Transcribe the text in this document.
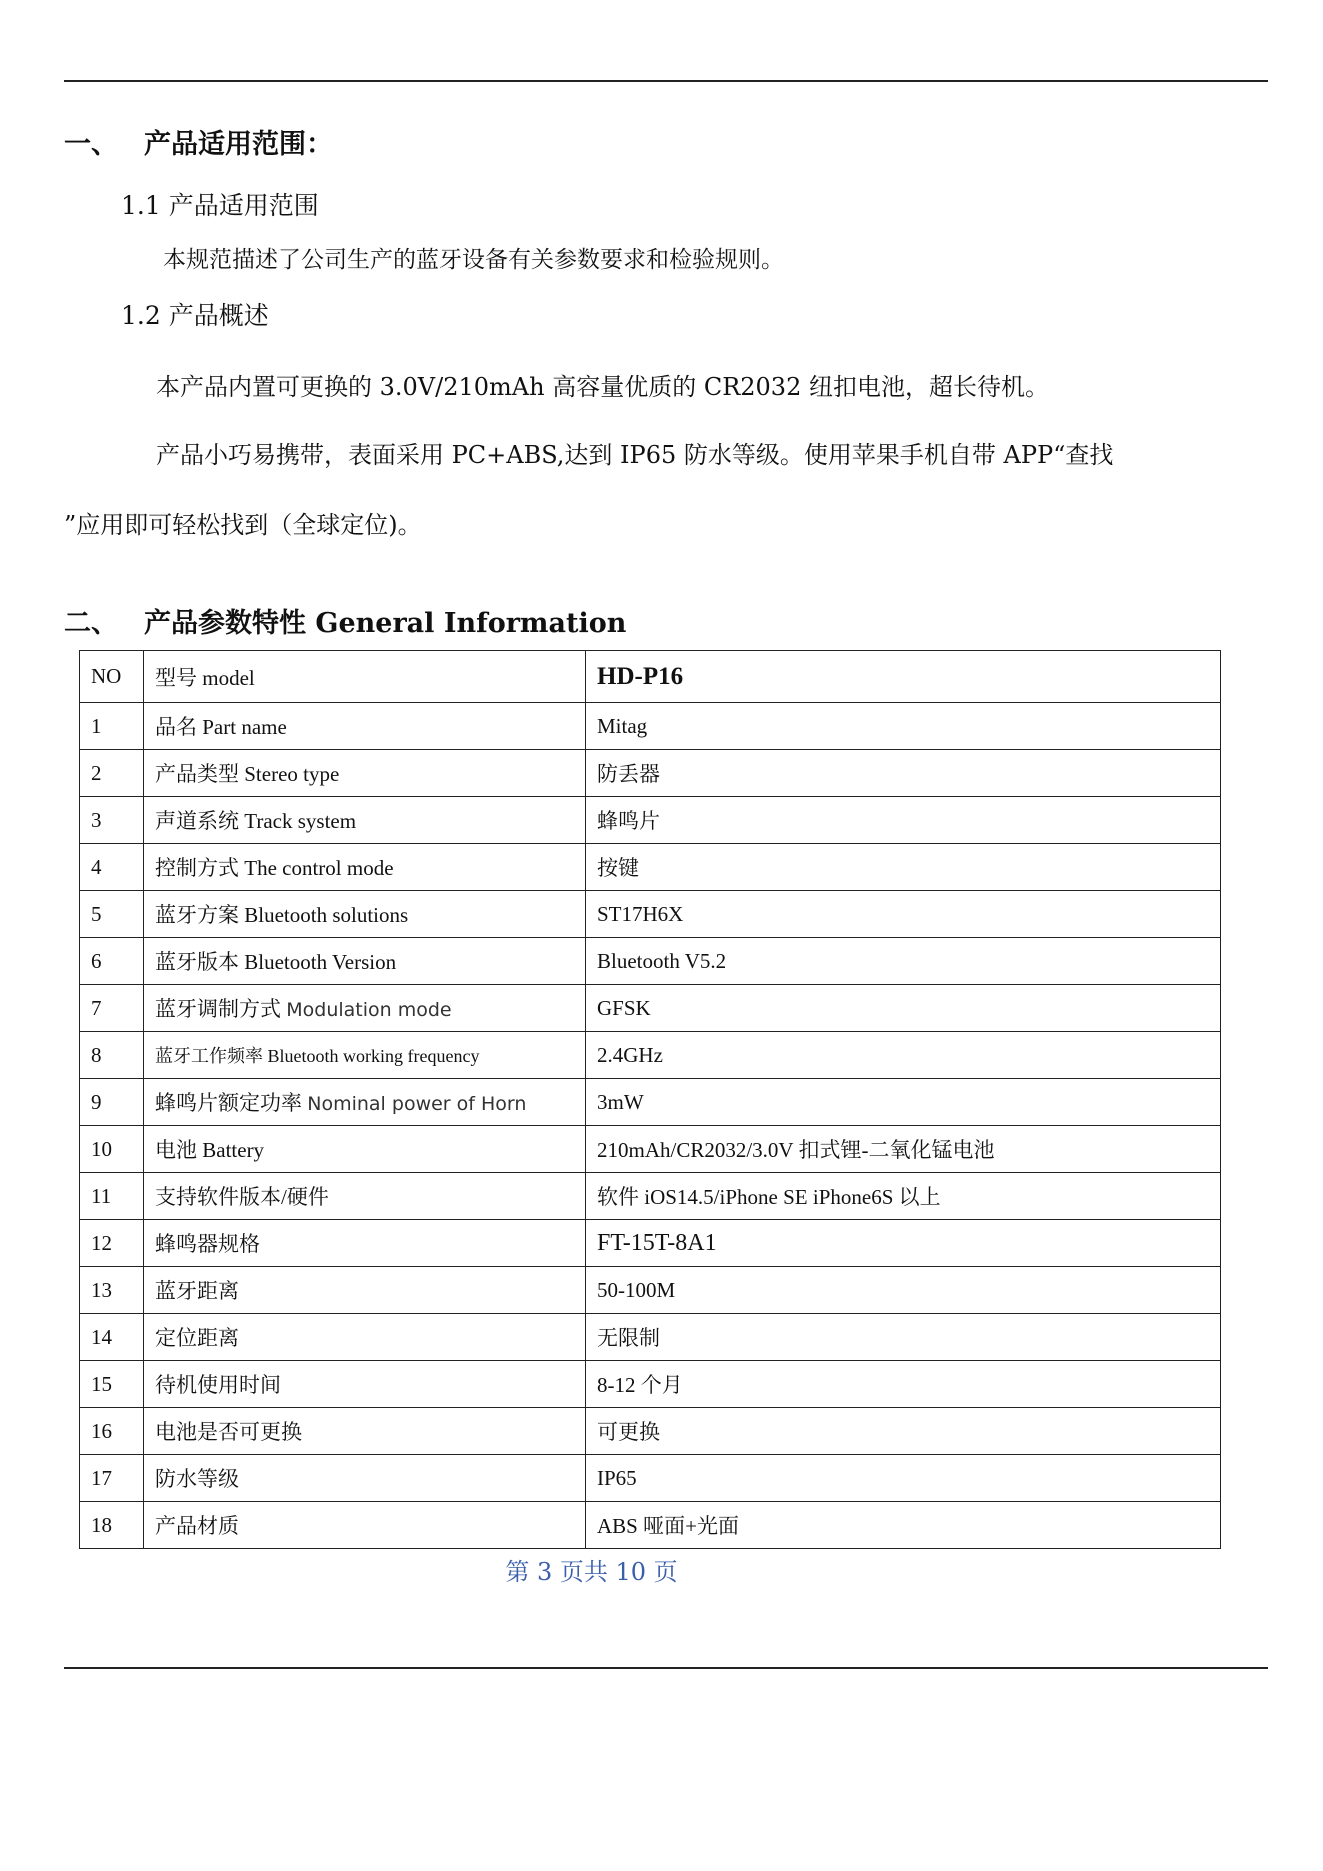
一、 产品适用范围：
1.1 产品适用范围
本规范描述了公司生产的蓝牙设备有关参数要求和检验规则。
1.2 产品概述
本产品内置可更换的 3.0V/210mAh 高容量优质的 CR2032 纽扣电池，超长待机。
产品小巧易携带，表面采用 PC+ABS,达到 IP65 防水等级。使用苹果手机自带 APP“查找
”应用即可轻松找到（全球定位)。
二、 产品参数特性 General Information
NO	型号 model	HD-P16
1	品名 Part name	Mitag
2	产品类型 Stereo type	防丢器
3	声道系统 Track system	蜂鸣片
4	控制方式 The control mode	按键
5	蓝牙方案 Bluetooth solutions	ST17H6X
6	蓝牙版本 Bluetooth Version	Bluetooth V5.2
7	蓝牙调制方式 Modulation mode	GFSK
8	蓝牙工作频率 Bluetooth working frequency	2.4GHz
9	蜂鸣片额定功率 Nominal power of Horn	3mW
10	电池 Battery	210mAh/CR2032/3.0V 扣式锂-二氧化锰电池
11	支持软件版本/硬件	软件 iOS14.5/iPhone SE iPhone6S 以上
12	蜂鸣器规格	FT-15T-8A1
13	蓝牙距离	50-100M
14	定位距离	无限制
15	待机使用时间	8-12 个月
16	电池是否可更换	可更换
17	防水等级	IP65
18	产品材质	ABS 哑面+光面
第 3 页共 10 页
